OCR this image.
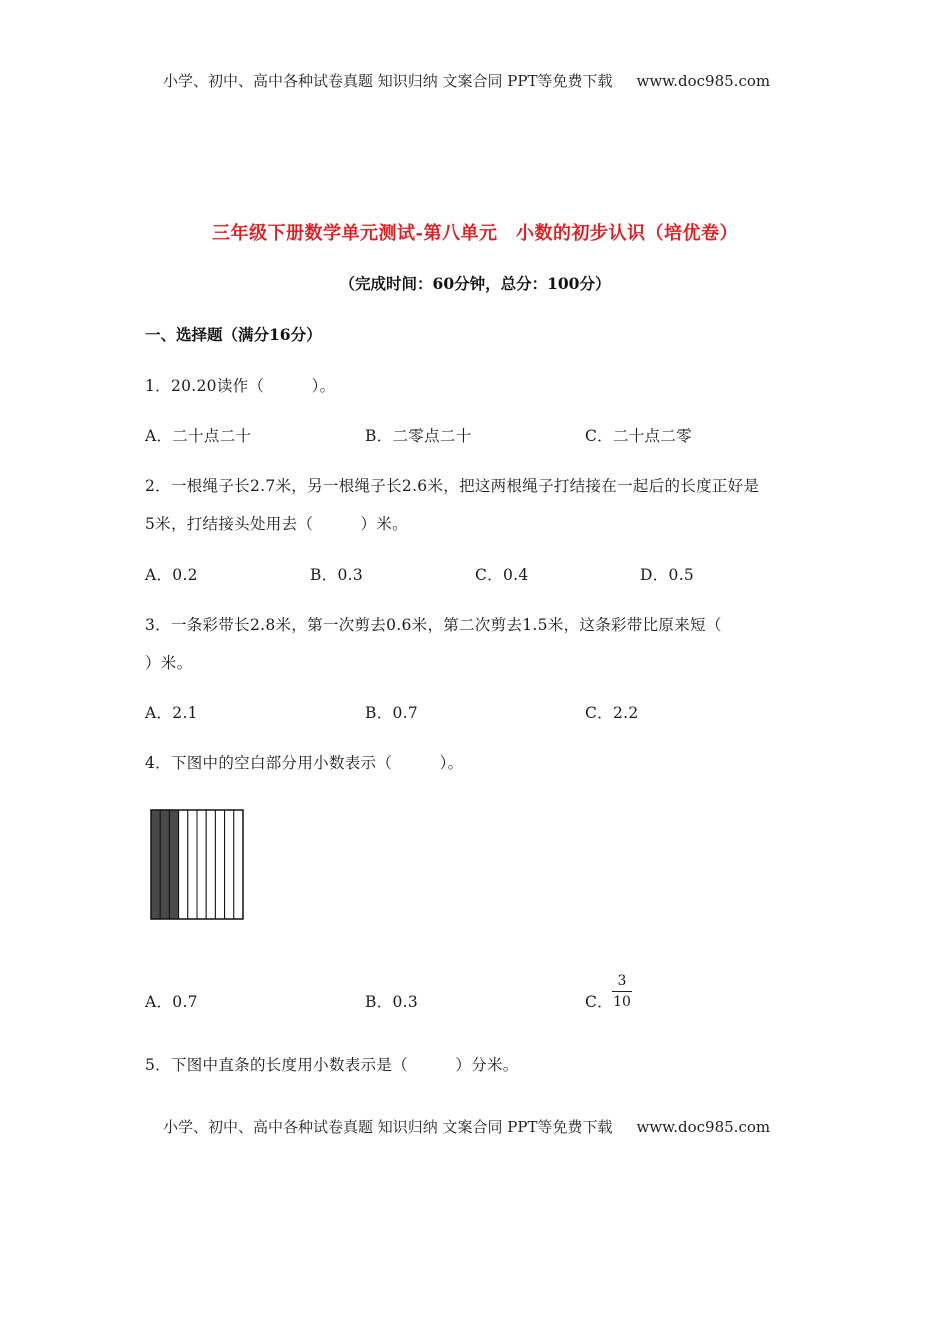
小学、初中、高中各种试卷真题 知识归纳 文案合同 PPT等免费下载 www.doc985.com
三年级下册数学单元测试-第八单元　小数的初步认识（培优卷）
（完成时间：60分钟，总分：100分）
一、选择题（满分16分）
1．20.20读作（　　　）。
A．二十点二十	B．二零点二十	C．二十点二零
2．一根绳子长2.7米，另一根绳子长2.6米，把这两根绳子打结接在一起后的长度正好是
5米，打结接头处用去（　　　）米。
A．0.2	B．0.3	C．0.4	D．0.5
3．一条彩带长2.8米，第一次剪去0.6米，第二次剪去1.5米，这条彩带比原来短（
）米。
A．2.1	B．0.7	C．2.2
4．下图中的空白部分用小数表示（　　　）。
A．0.7	B．0.3	C．
3
10
5．下图中直条的长度用小数表示是（　　　）分米。
小学、初中、高中各种试卷真题 知识归纳 文案合同 PPT等免费下载 www.doc985.com
